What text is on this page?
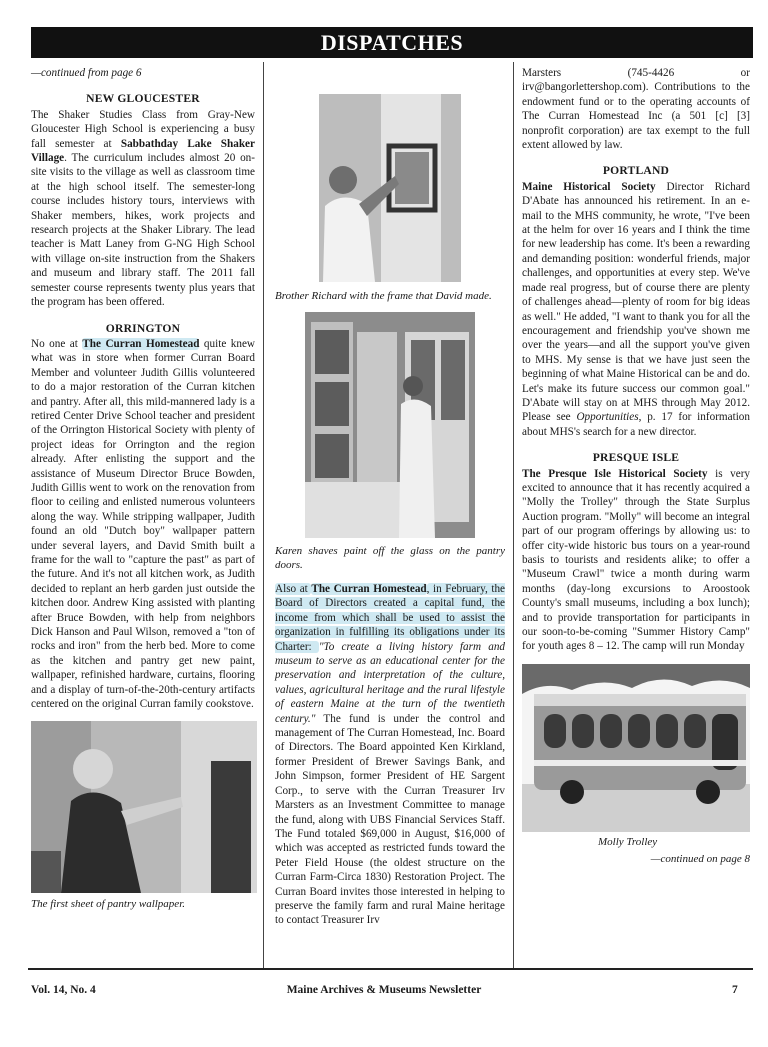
DISPATCHES

—continued from page 6

NEW GLOUCESTER

The Shaker Studies Class from Gray-New Gloucester High School is experiencing a busy fall semester at Sabbathday Lake Shaker Village. The curriculum includes almost 20 on-site visits to the village as well as classroom time at the high school itself. The semester-long course includes history tours, interviews with Shaker members, hikes, work projects and research projects at the Shaker Library. The lead teacher is Matt Laney from G-NG High School with village on-site instruction from the Shakers and museum and library staff. The 2011 fall semester course represents twenty plus years that the program has been offered.

ORRINGTON

No one at The Curran Homestead quite knew what was in store when former Curran Board Member and volunteer Judith Gillis volunteered to do a major restoration of the Curran kitchen and pantry. After all, this mild-mannered lady is a retired Center Drive School teacher and president of the Orrington Historical Society with plenty of project ideas for Orrington and the region already. After enlisting the support and the assistance of Museum Director Bruce Bowden, Judith Gillis went to work on the renovation from floor to ceiling and enlisted numerous volunteers along the way. While stripping wallpaper, Judith found an old "Dutch boy" wallpaper pattern under several layers, and David Smith built a frame for the wall to "capture the past" as part of the future. And it's not all kitchen work, as Judith decided to replant an herb garden just outside the kitchen door. Andrew King assisted with planting after Bruce Bowden, with help from neighbors Dick Hanson and Paul Wilson, removed a "ton of rocks and iron" from the herb bed. More to come as the kitchen and pantry get new paint, wallpaper, refinished hardware, curtains, flooring and a display of turn-of-the-20th-century artifacts centered on the original Curran family cookstove.

The first sheet of pantry wallpaper.

Brother Richard with the frame that David made.

Karen shaves paint off the glass on the pantry doors.

Also at The Curran Homestead, in February, the Board of Directors created a capital fund, the income from which shall be used to assist the organization in fulfilling its obligations under its Charter: "To create a living history farm and museum to serve as an educational center for the preservation and interpretation of the culture, values, agricultural heritage and the rural lifestyle of eastern Maine at the turn of the twentieth century." The fund is under the control and management of The Curran Homestead, Inc. Board of Directors. The Board appointed Ken Kirkland, former President of Brewer Savings Bank, and John Simpson, former President of HE Sargent Corp., to serve with the Curran Treasurer Irv Marsters as an Investment Committee to manage the fund, along with UBS Financial Services Staff. The Fund totaled $69,000 in August, $16,000 of which was accepted as restricted funds toward the Peter Field House (the oldest structure on the Curran Farm-Circa 1830) Restoration Project. The Curran Board invites those interested in helping to preserve the family farm and rural Maine heritage to contact Treasurer Irv

Marsters (745-4426 or irv@bangorlettershop.com). Contributions to the endowment fund or to the operating accounts of The Curran Homestead Inc (a 501 [c] [3] nonprofit corporation) are tax exempt to the full extent allowed by law.

PORTLAND

Maine Historical Society Director Richard D'Abate has announced his retirement. In an e-mail to the MHS community, he wrote, "I've been at the helm for over 16 years and I think the time for new leadership has come. It's been a rewarding and demanding position: wonderful friends, major challenges, and opportunities at every step. We've made real progress, but of course there are plenty of challenges ahead—plenty of room for big ideas as well." He added, "I want to thank you for all the encouragement and friendship you've shown me over the years—and all the support you've given to MHS. My sense is that we have just seen the beginning of what Maine Historical can be and do. Let's make its future success our common goal." D'Abate will stay on at MHS through May 2012. Please see Opportunities, p. 17 for information about MHS's search for a new director.

PRESQUE ISLE

The Presque Isle Historical Society is very excited to announce that it has recently acquired a "Molly the Trolley" through the State Surplus Auction program. "Molly" will become an integral part of our program offerings by allowing us: to offer city-wide historic bus tours on a year-round basis to tourists and residents alike; to offer a "Museum Crawl" twice a month during warm months (day-long excursions to Aroostook County's small museums, including a box lunch); and to provide transportation for participants in our soon-to-be-coming "Summer History Camp" for youth ages 8 – 12. The camp will run Monday

Molly Trolley

—continued on page 8

Vol. 14, No. 4	Maine Archives & Museums Newsletter	7
